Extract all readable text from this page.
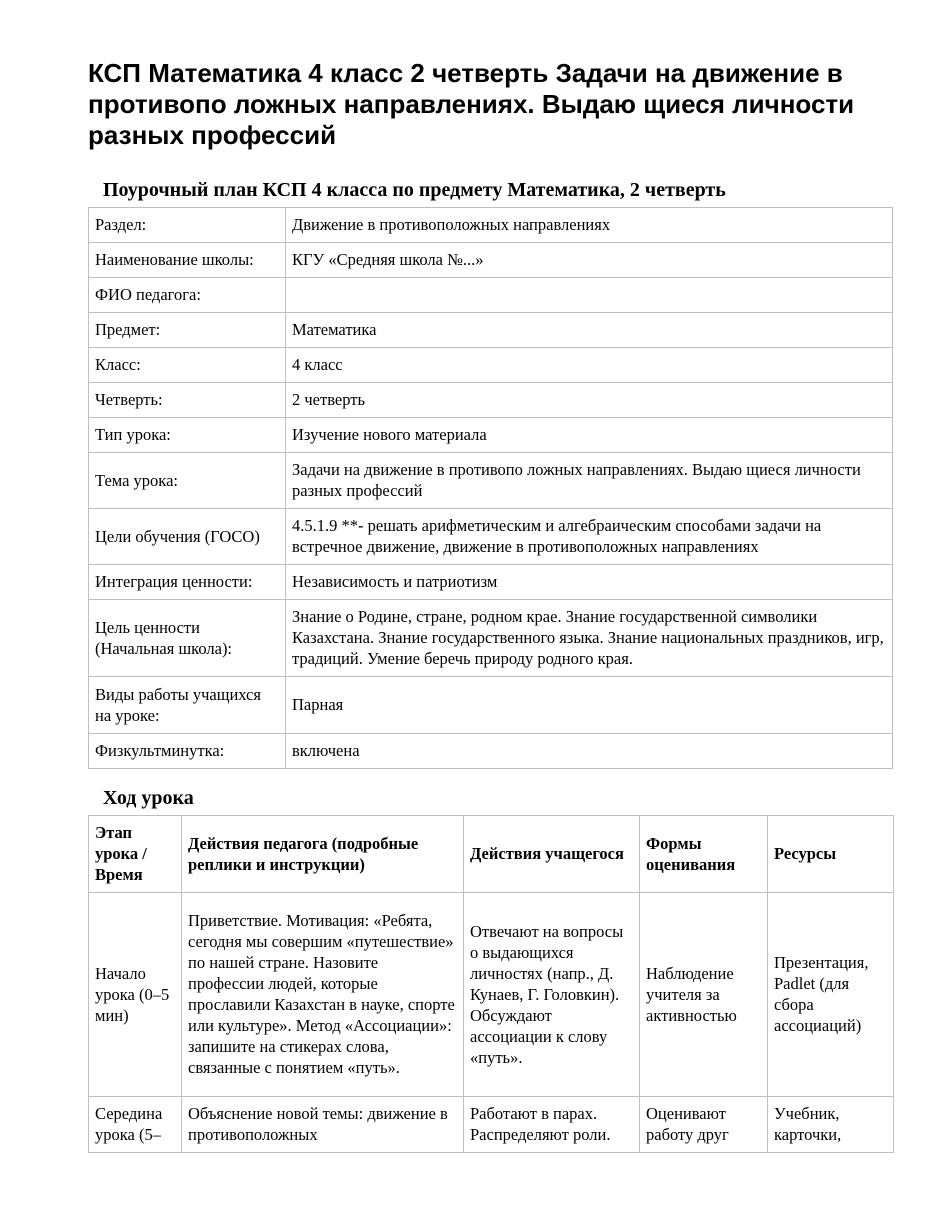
КСП Математика 4 класс 2 четверть Задачи на движение в противопо ложных направлениях. Выдаю щиеся личности разных профессий
Поурочный план КСП 4 класса по предмету Математика, 2 четверть
Раздел:	Движение в противоположных направлениях
Наименование школы:	КГУ «Средняя школа №...»
ФИО педагога:	
Предмет:	Математика
Класс:	4 класс
Четверть:	2 четверть
Тип урока:	Изучение нового материала
Тема урока:	Задачи на движение в противопо ложных направлениях. Выдаю щиеся личности разных профессий
Цели обучения (ГОСО)	4.5.1.9 **- решать арифметическим и алгебраическим способами задачи на встречное движение, движение в противоположных направлениях
Интеграция ценности:	Независимость и патриотизм
Цель ценности (Начальная школа):	Знание о Родине, стране, родном крае. Знание государственной символики Казахстана. Знание государственного языка. Знание национальных праздников, игр, традиций. Умение беречь природу родного края.
Виды работы учащихся на уроке:	Парная
Физкультминутка:	включена
Ход урока
Этап урока / Время	Действия педагога (подробные реплики и инструкции)	Действия учащегося	Формы оценивания	Ресурсы
Начало урока (0–5 мин)	Приветствие. Мотивация: «Ребята, сегодня мы совершим «путешествие» по нашей стране. Назовите профессии людей, которые прославили Казахстан в науке, спорте или культуре». Метод «Ассоциации»: запишите на стикерах слова, связанные с понятием «путь».	Отвечают на вопросы о выдающихся личностях (напр., Д. Кунаев, Г. Головкин). Обсуждают ассоциации к слову «путь».	Наблюдение учителя за активностью	Презентация, Padlet (для сбора ассоциаций)
Середина урока (5–	Объяснение новой темы: движение в противоположных	Работают в парах. Распределяют роли.	Оценивают работу друг	Учебник, карточки,
